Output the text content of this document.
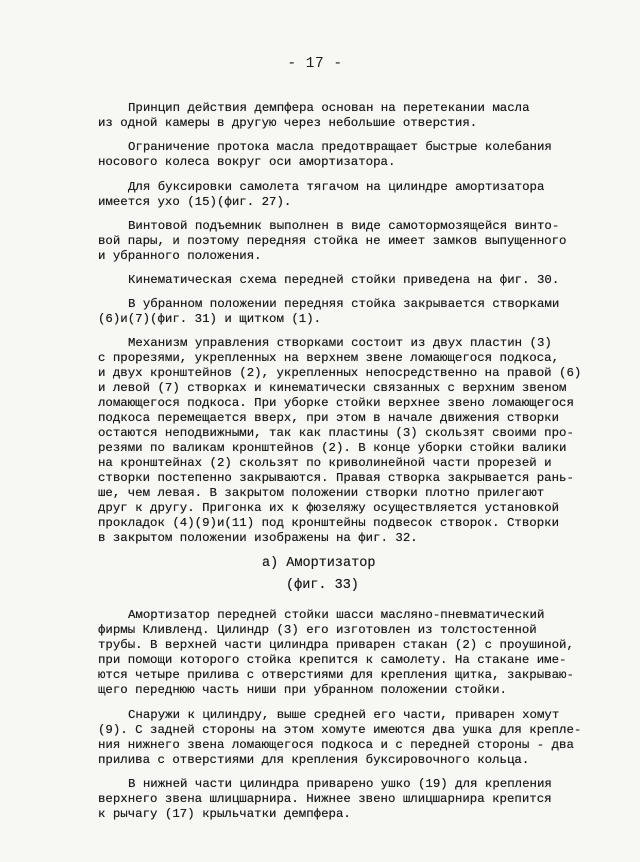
- 17 -
Принцип действия демпфера основан на перетекании масла
из одной камеры в другую через небольшие отверстия.
Ограничение протока масла предотвращает быстрые колебания
носового колеса вокруг оси амортизатора.
Для буксировки самолета тягачом на цилиндре амортизатора
имеется ухо (15)(фиг. 27).
Винтовой подъемник выполнен в виде самотормозящейся винто-
вой пары, и поэтому передняя стойка не имеет замков выпущенного
и убранного положения.
Кинематическая схема передней стойки приведена на фиг. 30.
В убранном положении передняя стойка закрывается створками
(6)и(7)(фиг. 31) и щитком (1).
Механизм управления створками состоит из двух пластин (3)
с прорезями, укрепленных на верхнем звене ломающегося подкоса,
и двух кронштейнов (2), укрепленных непосредственно на правой (6)
и левой (7) створках и кинематически связанных с верхним звеном
ломающегося подкоса. При уборке стойки верхнее звено ломающегося
подкоса перемещается вверх, при этом в начале движения створки
остаются неподвижными, так как пластины (3) скользят своими про-
резями по валикам кронштейнов (2). В конце уборки стойки валики
на кронштейнах (2) скользят по криволинейной части прорезей и
створки постепенно закрываются. Правая створка закрывается рань-
ше, чем левая. В закрытом положении створки плотно прилегают
друг к другу. Пригонка их к фюзеляжу осуществляется установкой
прокладок (4)(9)и(11) под кронштейны подвесок створок. Створки
в закрытом положении изображены на фиг. 32.
а) Амортизатор
(фиг. 33)
Амортизатор передней стойки шасси масляно-пневматический
фирмы Кливленд. Цилиндр (3) его изготовлен из толстостенной
трубы. В верхней части цилиндра приварен стакан (2) с проушиной,
при помощи которого стойка крепится к самолету. На стакане име-
ются четыре прилива с отверстиями для крепления щитка, закрываю-
щего переднюю часть ниши при убранном положении стойки.
Снаружи к цилиндру, выше средней его части, приварен хомут
(9). С задней стороны на этом хомуте имеются два ушка для крепле-
ния нижнего звена ломающегося подкоса и с передней стороны - два
прилива с отверстиями для крепления буксировочного кольца.
В нижней части цилиндра приварено ушко (19) для крепления
верхнего звена шлицшарнира. Нижнее звено шлицшарнира крепится
к рычагу (17) крыльчатки демпфера.
